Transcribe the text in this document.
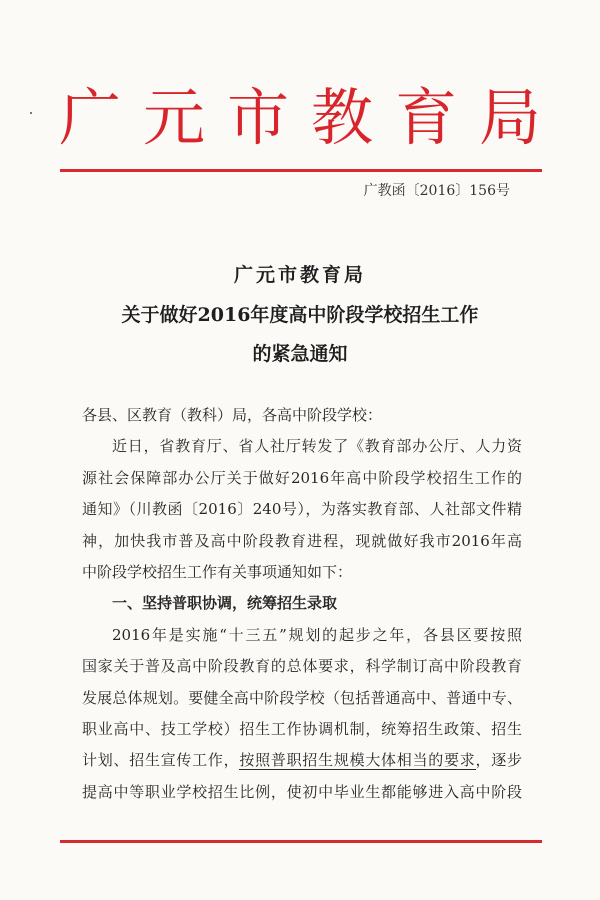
广元市教育局
广教函〔2016〕156号
广元市教育局
关于做好2016年度高中阶段学校招生工作
的紧急通知
各县、区教育（教科）局，各高中阶段学校：
近日，省教育厅、省人社厅转发了《教育部办公厅、人力资
源社会保障部办公厅关于做好2016年高中阶段学校招生工作的
通知》（川教函〔2016〕240号），为落实教育部、人社部文件精
神，加快我市普及高中阶段教育进程，现就做好我市2016年高
中阶段学校招生工作有关事项通知如下：
一、坚持普职协调，统筹招生录取
2016年是实施“十三五”规划的起步之年，各县区要按照
国家关于普及高中阶段教育的总体要求，科学制订高中阶段教育
发展总体规划。要健全高中阶段学校（包括普通高中、普通中专、
职业高中、技工学校）招生工作协调机制，统筹招生政策、招生
计划、招生宣传工作，按照普职招生规模大体相当的要求，逐步
提高中等职业学校招生比例，使初中毕业生都能够进入高中阶段
